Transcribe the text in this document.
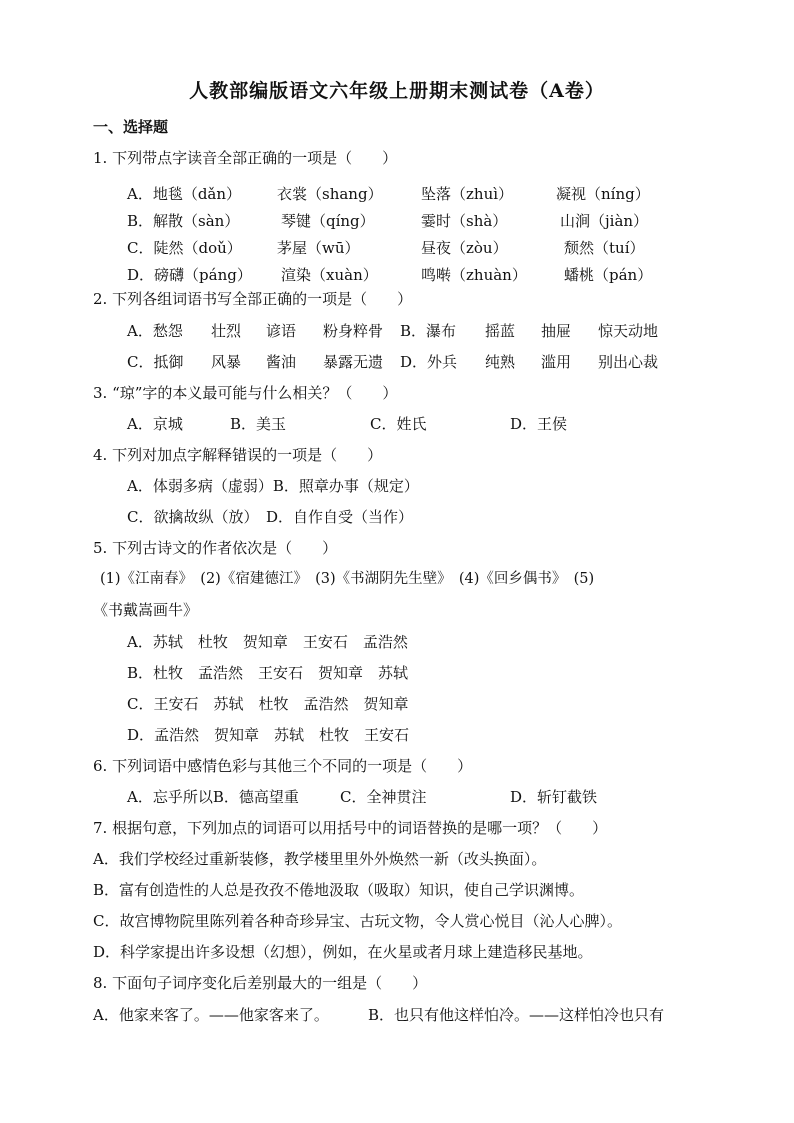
人教部编版语文六年级上册期末测试卷（A卷）
一、选择题
1. 下列带点字读音全部正确的一项是（　　）
A．地毯（dǎn） 衣裳（shang）	坠落（zhuì）	凝视（níng）
B．解散（sàn）	琴键（qíng）	霎时（shà）	山涧（jiàn）
C．陡然（doǔ） 茅屋（wū）	昼夜（zòu）	颓然（tuí）
D．磅礴（páng） 渲染（xuàn）	鸣啭（zhuàn） 蟠桃（pán）
2. 下列各组词语书写全部正确的一项是（　　）
A．愁怨 壮烈 谚语 粉身粹骨 B．瀑布 摇蓝 抽屉 惊天动地
C．抵御 风暴 酱油 暴露无遗 D．外兵 纯熟 滥用 别出心裁
3. “琼”字的本义最可能与什么相关？（　　）
A．京城	B．美玉	C．姓氏	D．王侯
4. 下列对加点字解释错误的一项是（　　）
A．体弱多病（虚弱）B．照章办事（规定）
C．欲擒故纵（放）　D．自作自受（当作）
5. 下列古诗文的作者依次是（　　）
(1)《江南春》　(2)《宿建德江》　(3)《书湖阴先生壁》　(4)《回乡偶书》　(5)
《书戴嵩画牛》
A．苏轼　杜牧　贺知章　王安石　孟浩然
B．杜牧　孟浩然　王安石　贺知章　苏轼
C．王安石　苏轼　杜牧　孟浩然　贺知章
D．孟浩然　贺知章　苏轼　杜牧　王安石
6. 下列词语中感情色彩与其他三个不同的一项是（　　）
A．忘乎所以B．德高望重	C．全神贯注	D．斩钉截铁
7. 根据句意，下列加点的词语可以用括号中的词语替换的是哪一项？（　　）
A．我们学校经过重新装修，教学楼里里外外焕然一新（改头换面）。
B．富有创造性的人总是孜孜不倦地汲取（吸取）知识，使自己学识渊博。
C．故宫博物院里陈列着各种奇珍异宝、古玩文物，令人赏心悦目（沁人心脾）。
D．科学家提出许多设想（幻想），例如，在火星或者月球上建造移民基地。
8. 下面句子词序变化后差别最大的一组是（　　）
A．他家来客了。——他家客来了。	B．也只有他这样怕冷。——这样怕冷也只有
